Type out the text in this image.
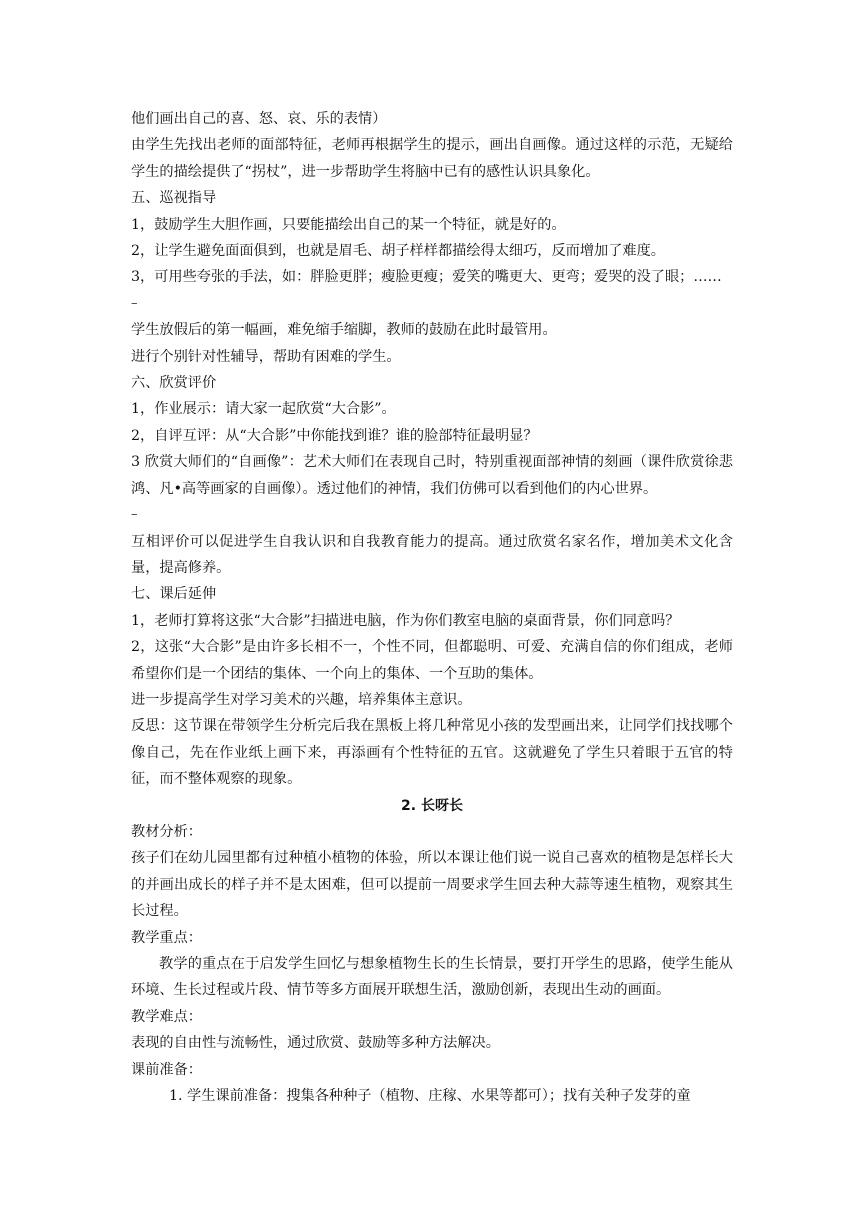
他们画出自己的喜、怒、哀、乐的表情）

由学生先找出老师的面部特征，老师再根据学生的提示，画出自画像。通过这样的示范，无疑给学生的描绘提供了“拐杖”，进一步帮助学生将脑中已有的感性认识具象化。

五、巡视指导

1，鼓励学生大胆作画，只要能描绘出自己的某一个特征，就是好的。

2，让学生避免面面俱到，也就是眉毛、胡子样样都描绘得太细巧，反而增加了难度。

3，可用些夸张的手法，如：胖脸更胖；瘦脸更瘦；爱笑的嘴更大、更弯；爱哭的没了眼；……

–

学生放假后的第一幅画，难免缩手缩脚，教师的鼓励在此时最管用。

进行个别针对性辅导，帮助有困难的学生。

六、欣赏评价

1，作业展示：请大家一起欣赏“大合影”。

2，自评互评：从“大合影”中你能找到谁？谁的脸部特征最明显？

3 欣赏大师们的“自画像”：艺术大师们在表现自己时，特别重视面部神情的刻画（课件欣赏徐悲鸿、凡•高等画家的自画像）。透过他们的神情，我们仿佛可以看到他们的内心世界。

–

互相评价可以促进学生自我认识和自我教育能力的提高。通过欣赏名家名作，增加美术文化含量，提高修养。

七、课后延伸

1，老师打算将这张“大合影”扫描进电脑，作为你们教室电脑的桌面背景，你们同意吗？

2，这张“大合影”是由许多长相不一，个性不同，但都聪明、可爱、充满自信的你们组成，老师希望你们是一个团结的集体、一个向上的集体、一个互助的集体。

进一步提高学生对学习美术的兴趣，培养集体主意识。

反思：这节课在带领学生分析完后我在黑板上将几种常见小孩的发型画出来，让同学们找找哪个像自己，先在作业纸上画下来，再添画有个性特征的五官。这就避免了学生只着眼于五官的特征，而不整体观察的现象。

2. 长呀长

教材分析：

孩子们在幼儿园里都有过种植小植物的体验，所以本课让他们说一说自己喜欢的植物是怎样长大的并画出成长的样子并不是太困难，但可以提前一周要求学生回去种大蒜等速生植物，观察其生长过程。

教学重点：

教学的重点在于启发学生回忆与想象植物生长的生长情景，要打开学生的思路，使学生能从环境、生长过程或片段、情节等多方面展开联想生活，激励创新，表现出生动的画面。

教学难点：

表现的自由性与流畅性，通过欣赏、鼓励等多种方法解决。

课前准备：

1. 学生课前准备：搜集各种种子（植物、庄稼、水果等都可）；找有关种子发芽的童
